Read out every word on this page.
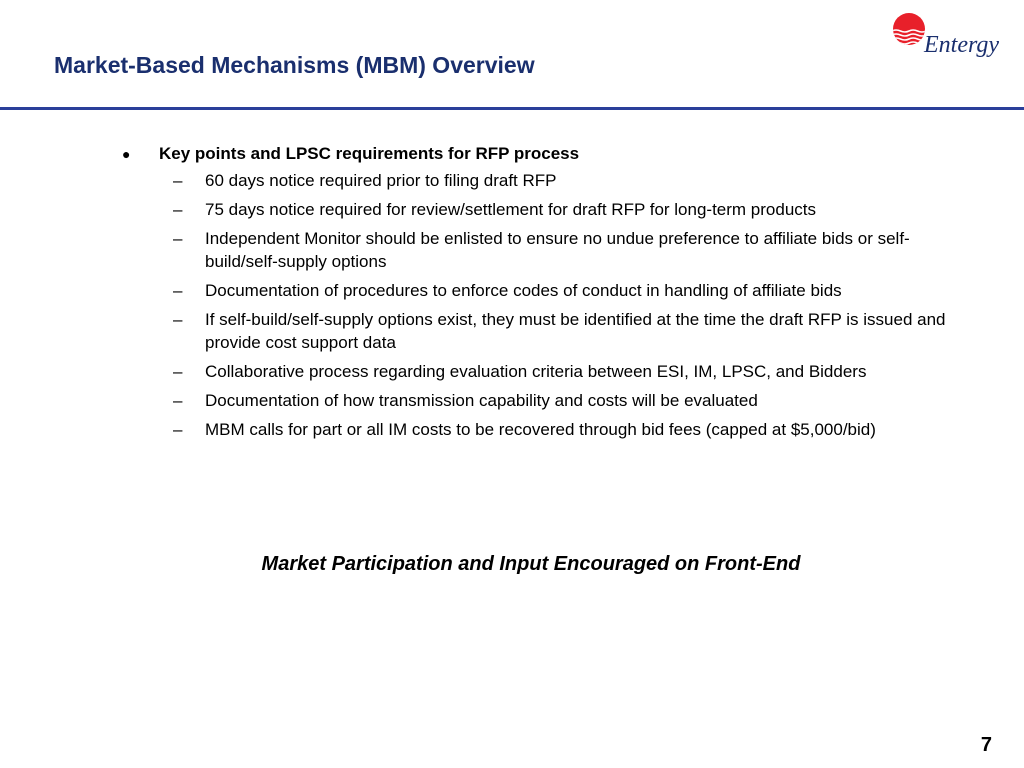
Market-Based Mechanisms (MBM) Overview
Entergy
● Key points and LPSC requirements for RFP process
– 60 days notice required prior to filing draft RFP
– 75 days notice required for review/settlement for draft RFP for long-term products
– Independent Monitor should be enlisted to ensure no undue preference to affiliate bids or self-build/self-supply options
– Documentation of procedures to enforce codes of conduct in handling of affiliate bids
– If self-build/self-supply options exist, they must be identified at the time the draft RFP is issued and provide cost support data
– Collaborative process regarding evaluation criteria between ESI, IM, LPSC, and Bidders
– Documentation of how transmission capability and costs will be evaluated
– MBM calls for part or all IM costs to be recovered through bid fees (capped at $5,000/bid)
Market Participation and Input Encouraged on Front-End
7
